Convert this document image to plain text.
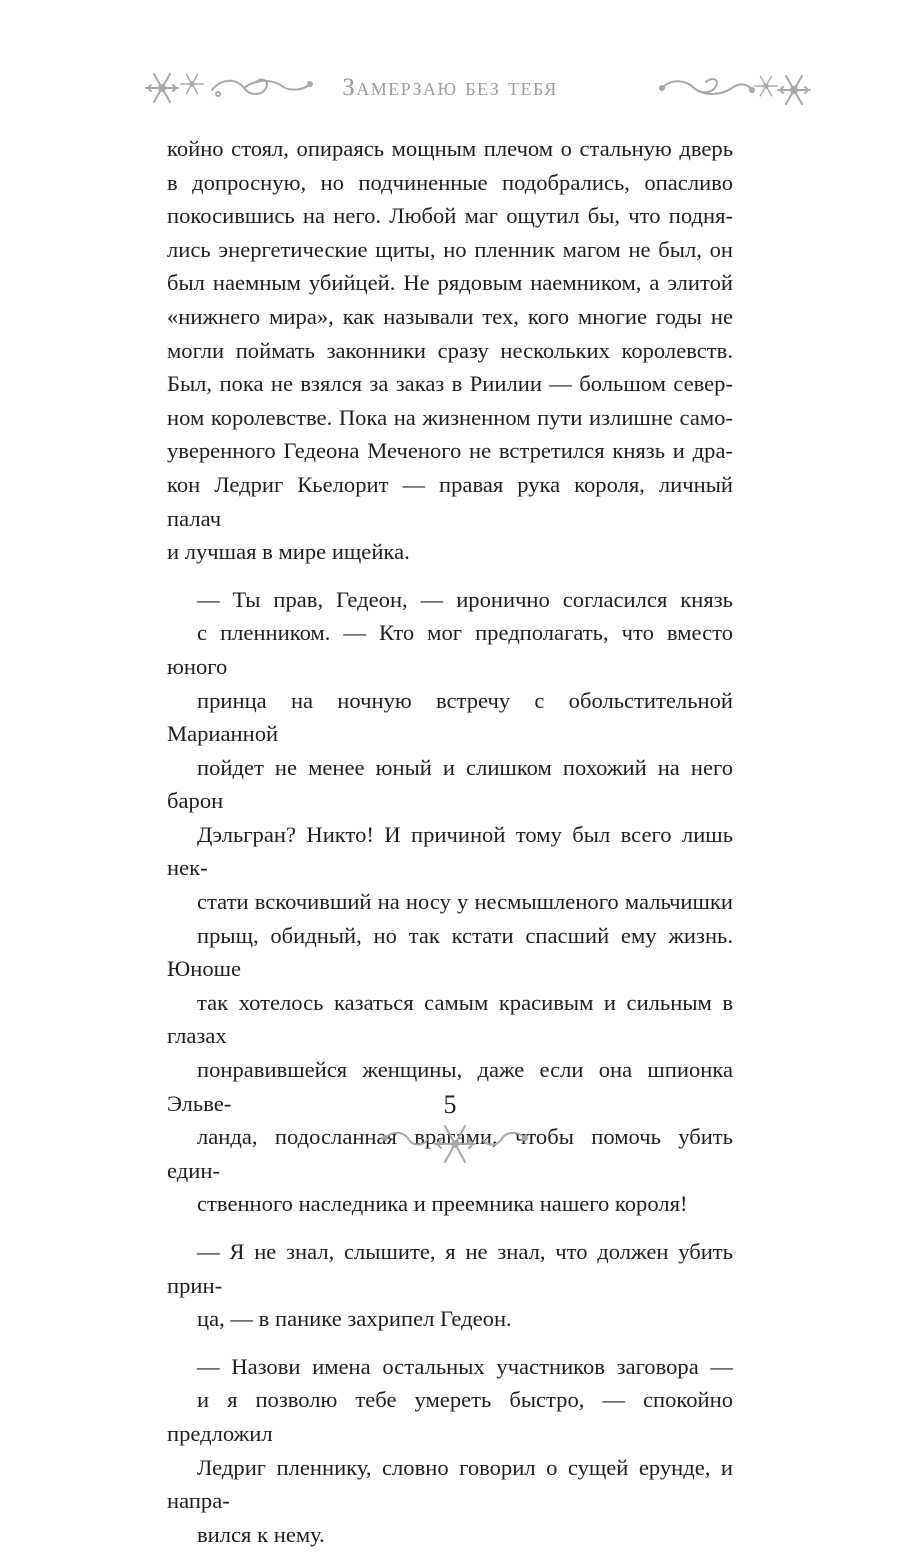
Замерзаю без тебя

койно стоял, опираясь мощным плечом о стальную дверь
в допросную, но подчиненные подобрались, опасливо
покосившись на него. Любой маг ощутил бы, что подня-
лись энергетические щиты, но пленник магом не был, он
был наемным убийцей. Не рядовым наемником, а элитой
«нижнего мира», как называли тех, кого многие годы не
могли поймать законники сразу нескольких королевств.
Был, пока не взялся за заказ в Риилии — большом север-
ном королевстве. Пока на жизненном пути излишне само-
уверенного Гедеона Меченого не встретился князь и дра-
кон Ледриг Кьелорит — правая рука короля, личный палач
и лучшая в мире ищейка.

— Ты прав, Гедеон, — иронично согласился князь
с пленником. — Кто мог предполагать, что вместо юного
принца на ночную встречу с обольстительной Марианной
пойдет не менее юный и слишком похожий на него барон
Дэльгран? Никто! И причиной тому был всего лишь нек-
стати вскочивший на носу у несмышленого мальчишки
прыщ, обидный, но так кстати спасший ему жизнь. Юноше
так хотелось казаться самым красивым и сильным в глазах
понравившейся женщины, даже если она шпионка Эльве-
ланда, подосланная врагами, чтобы помочь убить един-
ственного наследника и преемника нашего короля!

— Я не знал, слышите, я не знал, что должен убить прин-
ца, — в панике захрипел Гедеон.

— Назови имена остальных участников заговора —
и я позволю тебе умереть быстро, — спокойно предложил
Ледриг пленнику, словно говорил о сущей ерунде, и напра-
вился к нему.

5
